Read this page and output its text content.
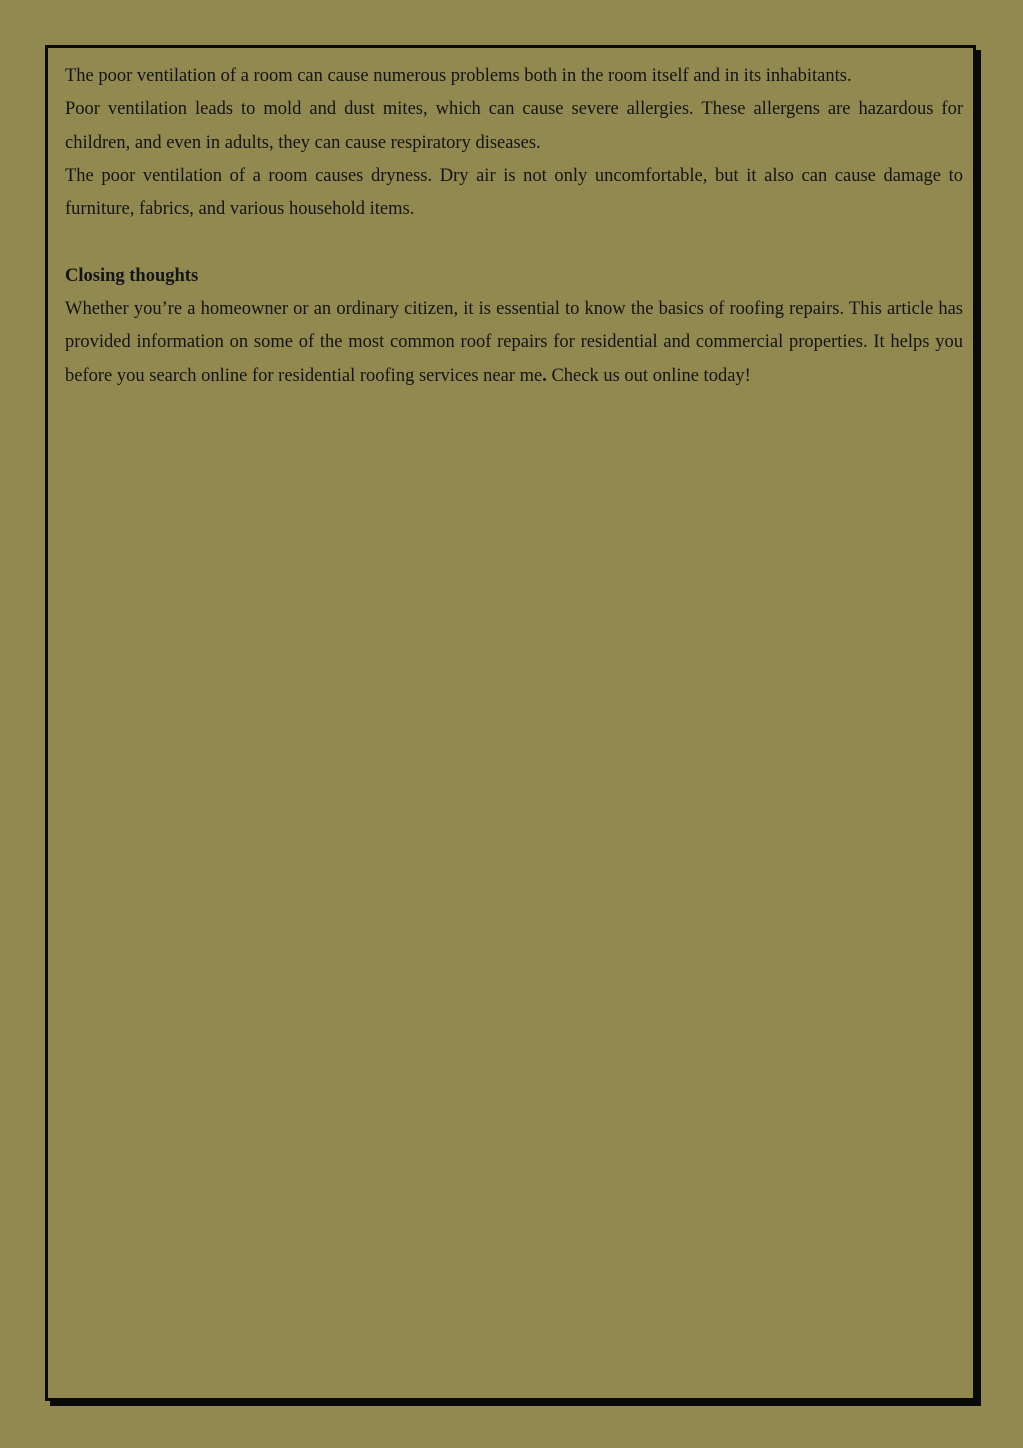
The poor ventilation of a room can cause numerous problems both in the room itself and in its inhabitants.

Poor ventilation leads to mold and dust mites, which can cause severe allergies. These allergens are hazardous for children, and even in adults, they can cause respiratory diseases.

The poor ventilation of a room causes dryness. Dry air is not only uncomfortable, but it also can cause damage to furniture, fabrics, and various household items.

Closing thoughts

Whether you’re a homeowner or an ordinary citizen, it is essential to know the basics of roofing repairs. This article has provided information on some of the most common roof repairs for residential and commercial properties. It helps you before you search online for residential roofing services near me. Check us out online today!
